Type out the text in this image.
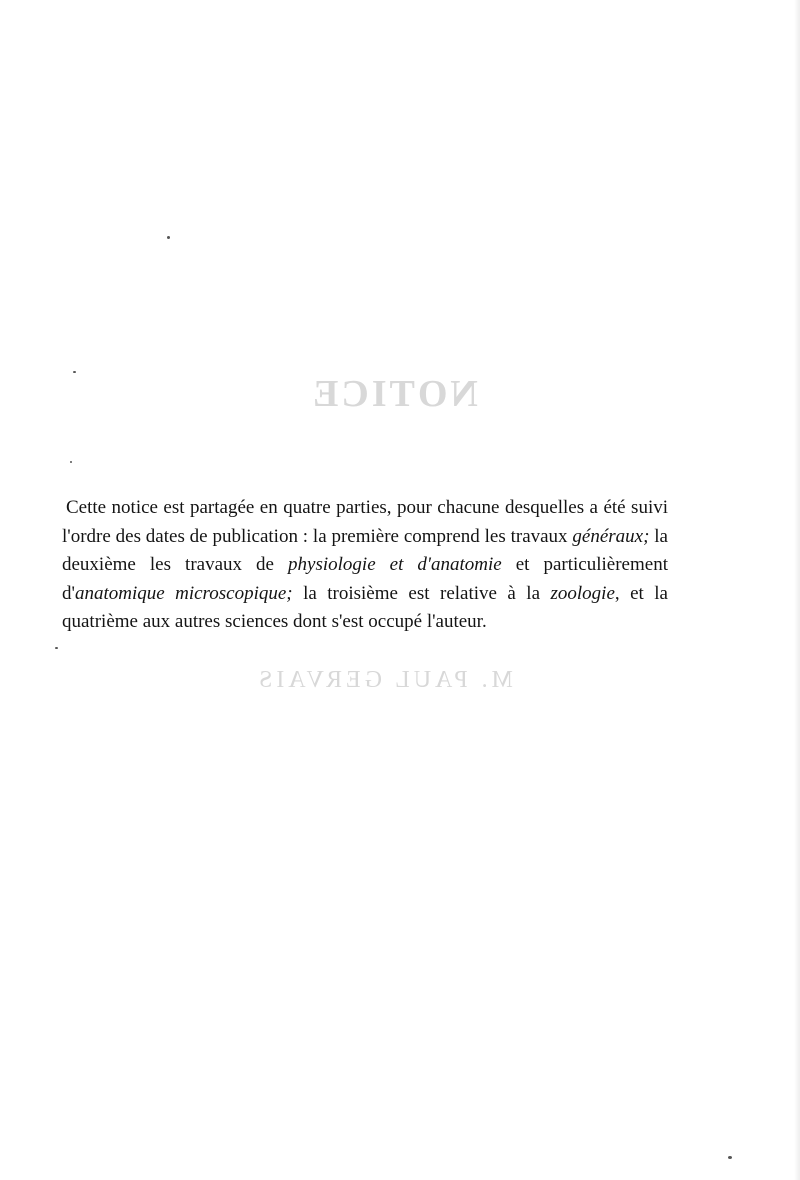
NOTICE
M. PAUL GERVAIS

Cette notice est partagée en quatre parties, pour chacune desquelles a été suivi l'ordre des dates de publication : la première comprend les travaux généraux; la deuxième les travaux de physiologie et d'anatomie et particulièrement d'anatomique microscopique; la troisième est relative à la zoologie, et la quatrième aux autres sciences dont s'est occupé l'auteur.
